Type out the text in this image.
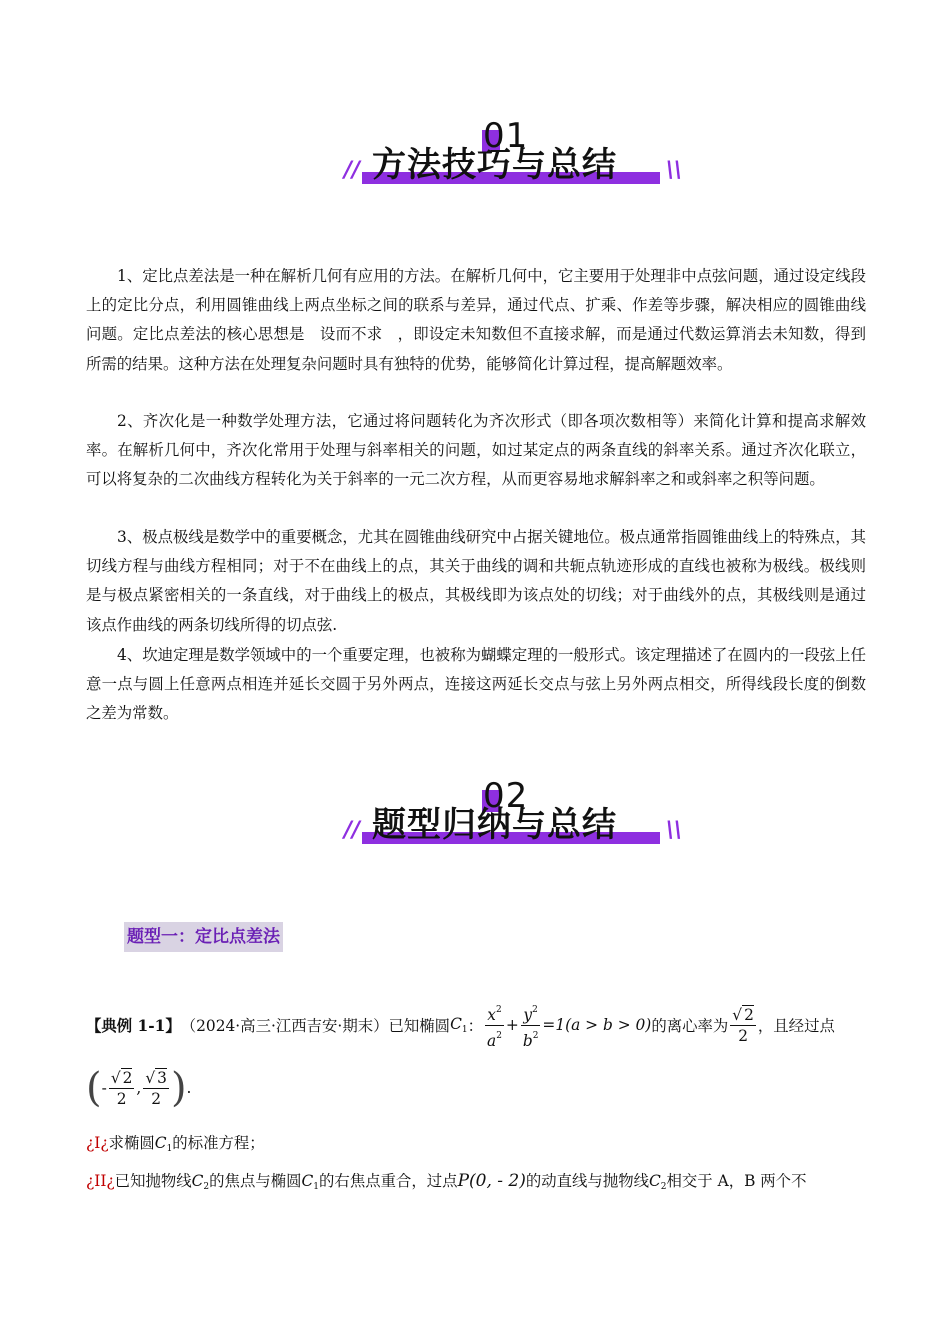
01
方法技巧与总结
//	\\
1、定比点差法是一种在解析几何有应用的方法。在解析几何中，它主要用于处理非中点弦问题，通过设定线段上的定比分点，利用圆锥曲线上两点坐标之间的联系与差异，通过代点、扩乘、作差等步骤，解决相应的圆锥曲线问题。定比点差法的核心思想是 设而不求 ，即设定未知数但不直接求解，而是通过代数运算消去未知数，得到所需的结果。这种方法在处理复杂问题时具有独特的优势，能够简化计算过程，提高解题效率。
2、齐次化是一种数学处理方法，它通过将问题转化为齐次形式（即各项次数相等）来简化计算和提高求解效率。在解析几何中，齐次化常用于处理与斜率相关的问题，如过某定点的两条直线的斜率关系。通过齐次化联立，可以将复杂的二次曲线方程转化为关于斜率的一元二次方程，从而更容易地求解斜率之和或斜率之积等问题。
3、极点极线是数学中的重要概念，尤其在圆锥曲线研究中占据关键地位。极点通常指圆锥曲线上的特殊点，其切线方程与曲线方程相同；对于不在曲线上的点，其关于曲线的调和共轭点轨迹形成的直线也被称为极线。极线则是与极点紧密相关的一条直线，对于曲线上的极点，其极线即为该点处的切线；对于曲线外的点，其极线则是通过该点作曲线的两条切线所得的切点弦.
4、坎迪定理是数学领域中的一个重要定理，也被称为蝴蝶定理的一般形式。该定理描述了在圆内的一段弦上任意一点与圆上任意两点相连并延长交圆于另外两点，连接这两延长交点与弦上另外两点相交，所得线段长度的倒数之差为常数。
02
题型归纳与总结
//	\\
题型一：定比点差法
【典例 1-1】 （2024·高三·江西吉安·期末） 已知椭圆 $C_1$ ： $\frac{x^2}{a^2} + \frac{y^2}{b^2} =1(a > b > 0)$ 的离心率为 $\frac{√ 2}{2}$ ，且经过点
( - $\frac{√ 2}{2}$ , $\frac{√ 3}{2}$ ) .
¿I¿求椭圆$C_1$的标准方程；
¿II¿已知抛物线$C_2$的焦点与椭圆$C_1$的右焦点重合，过点P(0, - 2)的动直线与抛物线$C_2$相交于 A，B 两个不
